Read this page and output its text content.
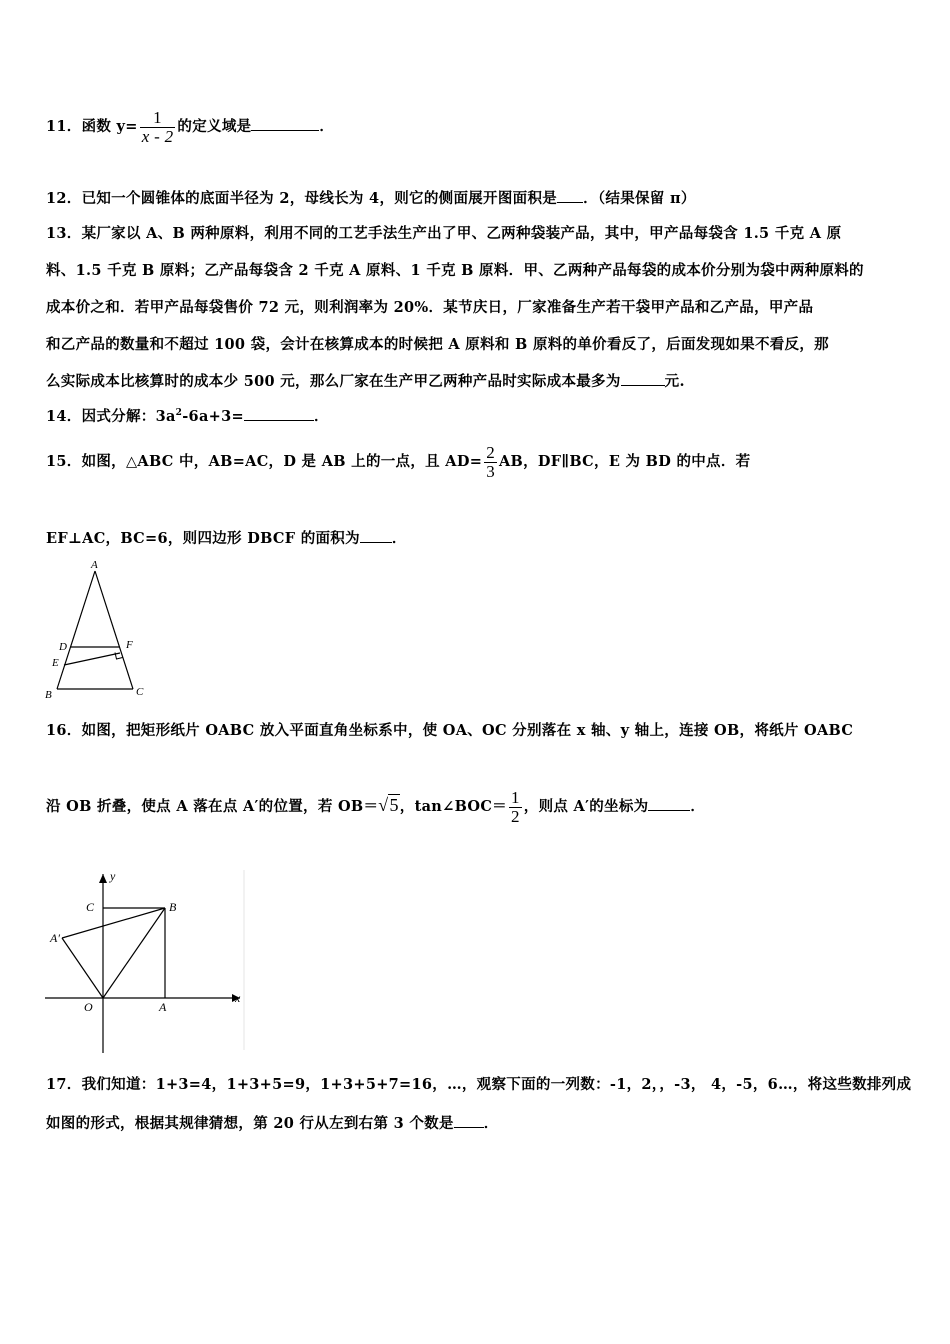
11．函数 $y= \frac{1}{x - 2}$ 的定义域是	．
12．已知一个圆锥体的底面半径为 2，母线长为 4，则它的侧面展开图面积是 ．（结果保留 π）
13．某厂家以 A、B 两种原料，利用不同的工艺手法生产出了甲、乙两种袋装产品，其中，甲产品每袋含 1.5 千克 A 原
料、1.5 千克 B 原料；乙产品每袋含 2 千克 A 原料、1 千克 B 原料．甲、乙两种产品每袋的成本价分别为袋中两种原料的
成本价之和．若甲产品每袋售价 72 元，则利润率为 20%．某节庆日，厂家准备生产若干袋甲产品和乙产品，甲产品
和乙产品的数量和不超过 100 袋，会计在核算成本的时候把 A 原料和 B 原料的单价看反了，后面发现如果不看反，那
么实际成本比核算时的成本少 500 元，那么厂家在生产甲乙两种产品时实际成本最多为	元.
14．因式分解：$3a^2-6a+3=$	．
15．如图，△ABC 中，AB=AC，D 是 AB 上的一点，且 $AD= \frac{2}{3}$ AB，DF∥BC，E 为 BD 的中点．若
EF⊥AC，BC=6，则四边形 DBCF 的面积为 ．
A
D	F
E
B	C
16．如图，把矩形纸片 OABC 放入平面直角坐标系中，使 OA、OC 分别落在 x 轴、y 轴上，连接 OB，将纸片 OABC
沿 OB 折叠，使点 A 落在点 A′的位置，若 OB＝√5，tan∠BOC＝ $\frac{1}{2}$ ，则点 A′的坐标为	．
y
x
C	B
A′
O	A
17．我们知道：1+3=4，1+3+5=9，1+3+5+7=16，…，观察下面的一列数：-1，2，，-3， 4，-5，6…，将这些数排列成
如图的形式，根据其规律猜想，第 20 行从左到右第 3 个数是 ．
